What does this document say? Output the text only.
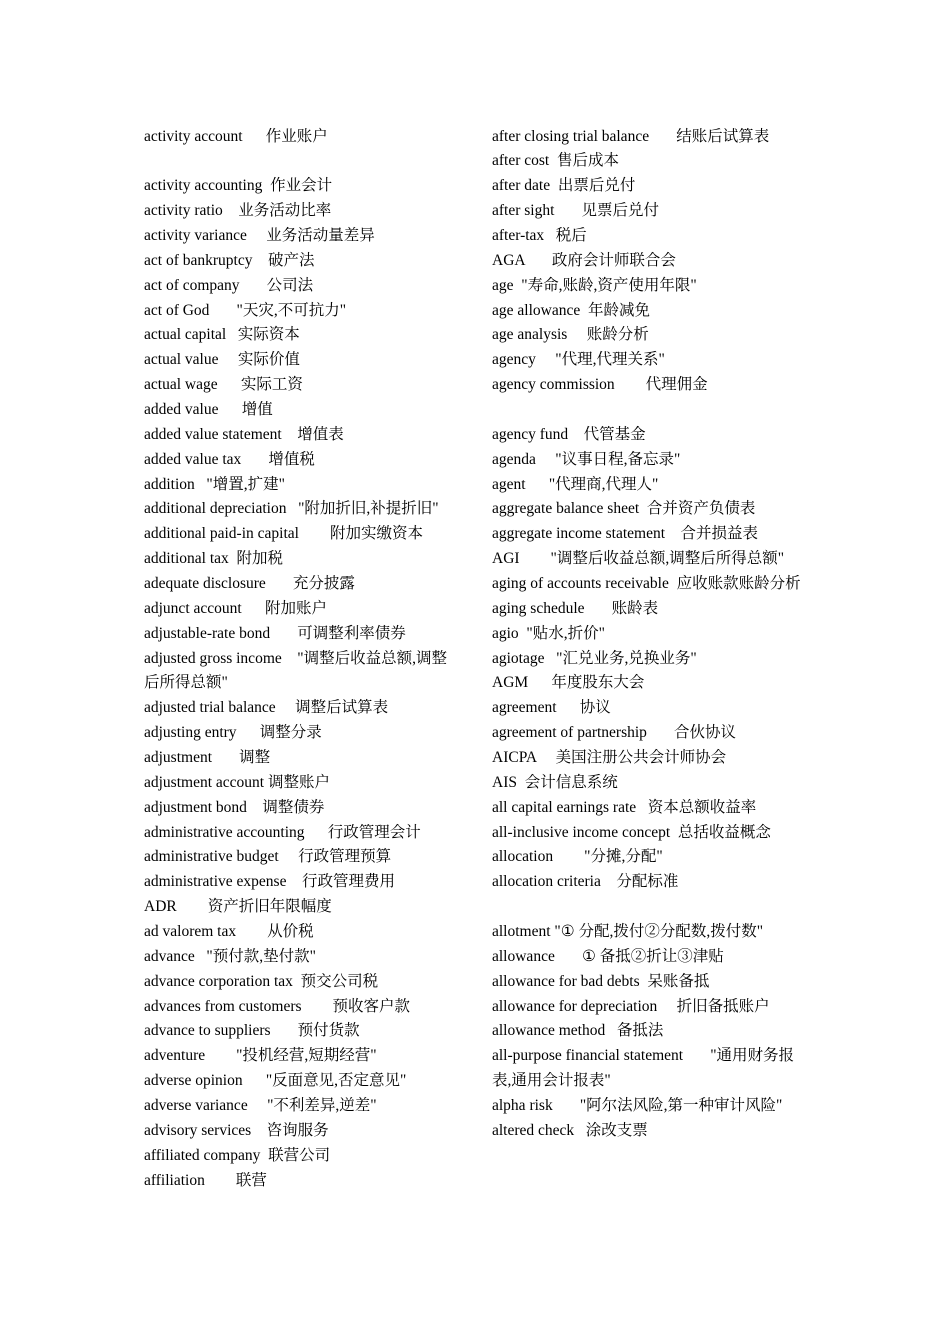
activity account      作业账户
activity accounting  作业会计
activity ratio    业务活动比率
activity variance     业务活动量差异
act of bankruptcy    破产法
act of company       公司法
act of God       "天灾,不可抗力"
actual capital   实际资本
actual value     实际价值
actual wage      实际工资
added value      增值
added value statement    增值表
added value tax       增值税
addition   "增置,扩建"
additional depreciation   "附加折旧,补提折旧"
additional paid-in capital        附加实缴资本
additional tax  附加税
adequate disclosure       充分披露
adjunct account      附加账户
adjustable-rate bond       可调整利率债券
adjusted gross income    "调整后收益总额,调整后所得总额"
adjusted trial balance     调整后试算表
adjusting entry      调整分录
adjustment       调整
adjustment account 调整账户
adjustment bond    调整债券
administrative accounting      行政管理会计
administrative budget     行政管理预算
administrative expense    行政管理费用
ADR        资产折旧年限幅度
ad valorem tax        从价税
advance   "预付款,垫付款"
advance corporation tax  预交公司税
advances from customers        预收客户款
advance to suppliers       预付货款
adventure        "投机经营,短期经营"
adverse opinion      "反面意见,否定意见"
adverse variance     "不利差异,逆差"
advisory services    咨询服务
affiliated company  联营公司
affiliation        联营
after closing trial balance       结账后试算表
after cost  售后成本
after date  出票后兑付
after sight       见票后兑付
after-tax   税后
AGA       政府会计师联合会
age  "寿命,账龄,资产使用年限"
age allowance  年龄减免
age analysis     账龄分析
agency     "代理,代理关系"
agency commission        代理佣金
agency fund    代管基金
agenda     "议事日程,备忘录"
agent      "代理商,代理人"
aggregate balance sheet  合并资产负债表
aggregate income statement    合并损益表
AGI        "调整后收益总额,调整后所得总额"
aging of accounts receivable  应收账款账龄分析
aging schedule       账龄表
agio  "贴水,折价"
agiotage   "汇兑业务,兑换业务"
AGM      年度股东大会
agreement      协议
agreement of partnership       合伙协议
AICPA     美国注册公共会计师协会
AIS  会计信息系统
all capital earnings rate   资本总额收益率
all-inclusive income concept  总括收益概念
allocation        "分摊,分配"
allocation criteria    分配标准
allotment "① 分配,拨付②分配数,拨付数"
allowance       ① 备抵②折让③津贴
allowance for bad debts  呆账备抵
allowance for depreciation     折旧备抵账户
allowance method   备抵法
all-purpose financial statement       "通用财务报表,通用会计报表"
alpha risk       "阿尔法风险,第一种审计风险"
altered check   涂改支票
